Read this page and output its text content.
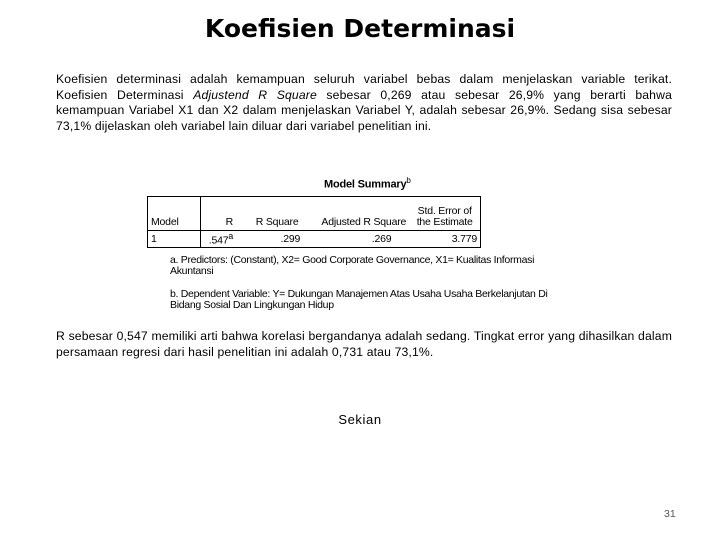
Koefisien Determinasi

Koefisien determinasi adalah kemampuan seluruh variabel bebas dalam menjelaskan variable terikat. Koefisien Determinasi Adjustend R Square sebesar 0,269 atau sebesar 26,9% yang berarti bahwa kemampuan Variabel X1 dan X2 dalam menjelaskan Variabel Y, adalah sebesar 26,9%. Sedang sisa sebesar 73,1% dijelaskan oleh variabel lain diluar dari variabel penelitian ini.

Model Summary$^b$
Model	R	R Square	Adjusted R Square	Std. Error of the Estimate
1	.547$^a$	.299	.269	3.779
a. Predictors: (Constant), X2= Good Corporate Governance, X1= Kualitas Informasi Akuntansi
b. Dependent Variable: Y= Dukungan Manajemen Atas Usaha Usaha Berkelanjutan Di Bidang Sosial Dan Lingkungan Hidup

R sebesar 0,547 memiliki arti bahwa korelasi bergandanya adalah sedang. Tingkat error yang dihasilkan dalam persamaan regresi dari hasil penelitian ini adalah 0,731 atau 73,1%.

Sekian
31
